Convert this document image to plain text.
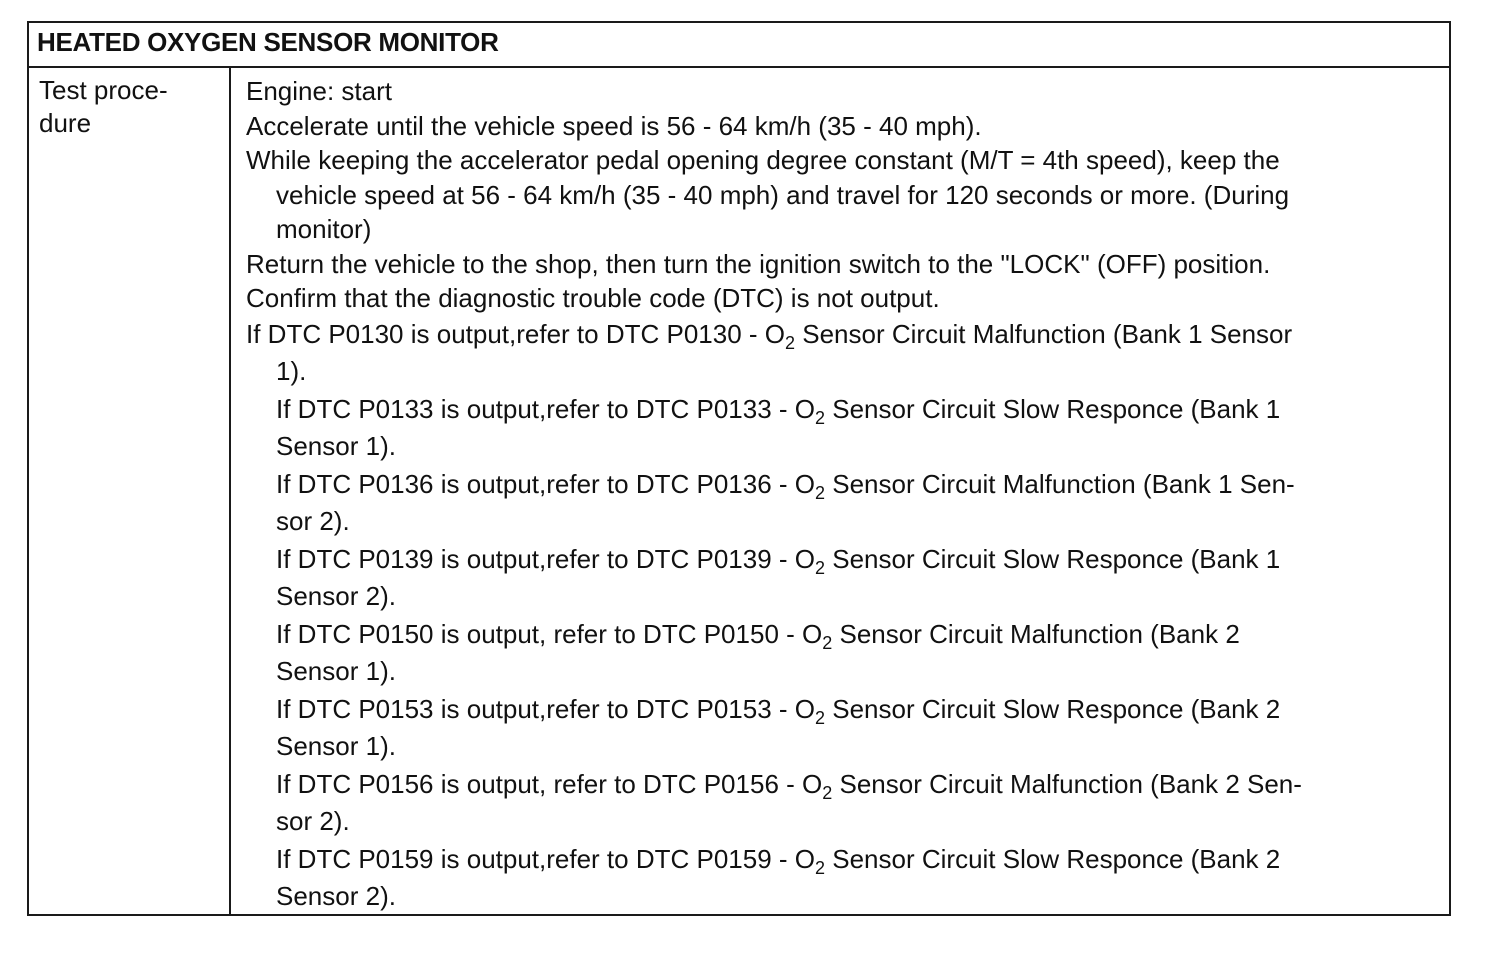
HEATED OXYGEN SENSOR MONITOR
Test proce-
dure
Engine: start
Accelerate until the vehicle speed is 56 - 64 km/h (35 - 40 mph).
While keeping the accelerator pedal opening degree constant (M/T = 4th speed), keep the
vehicle speed at 56 - 64 km/h (35 - 40 mph) and travel for 120 seconds or more. (During
monitor)
Return the vehicle to the shop, then turn the ignition switch to the "LOCK" (OFF) position.
Confirm that the diagnostic trouble code (DTC) is not output.
If DTC P0130 is output,refer to DTC $P0130 - O_2$ Sensor Circuit Malfunction (Bank 1 Sensor
1).
If DTC P0133 is output,refer to DTC $P0133 - O_2$ Sensor Circuit Slow Responce (Bank 1
Sensor 1).
If DTC P0136 is output,refer to DTC $P0136 - O_2$ Sensor Circuit Malfunction (Bank 1 Sen-
sor 2).
If DTC P0139 is output,refer to DTC $P0139 - O_2$ Sensor Circuit Slow Responce (Bank 1
Sensor 2).
If DTC P0150 is output, refer to DTC $P0150 - O_2$ Sensor Circuit Malfunction (Bank 2
Sensor 1).
If DTC P0153 is output,refer to DTC $P0153 - O_2$ Sensor Circuit Slow Responce (Bank 2
Sensor 1).
If DTC P0156 is output, refer to DTC $P0156 - O_2$ Sensor Circuit Malfunction (Bank 2 Sen-
sor 2).
If DTC P0159 is output,refer to DTC $P0159 - O_2$ Sensor Circuit Slow Responce (Bank 2
Sensor 2).
